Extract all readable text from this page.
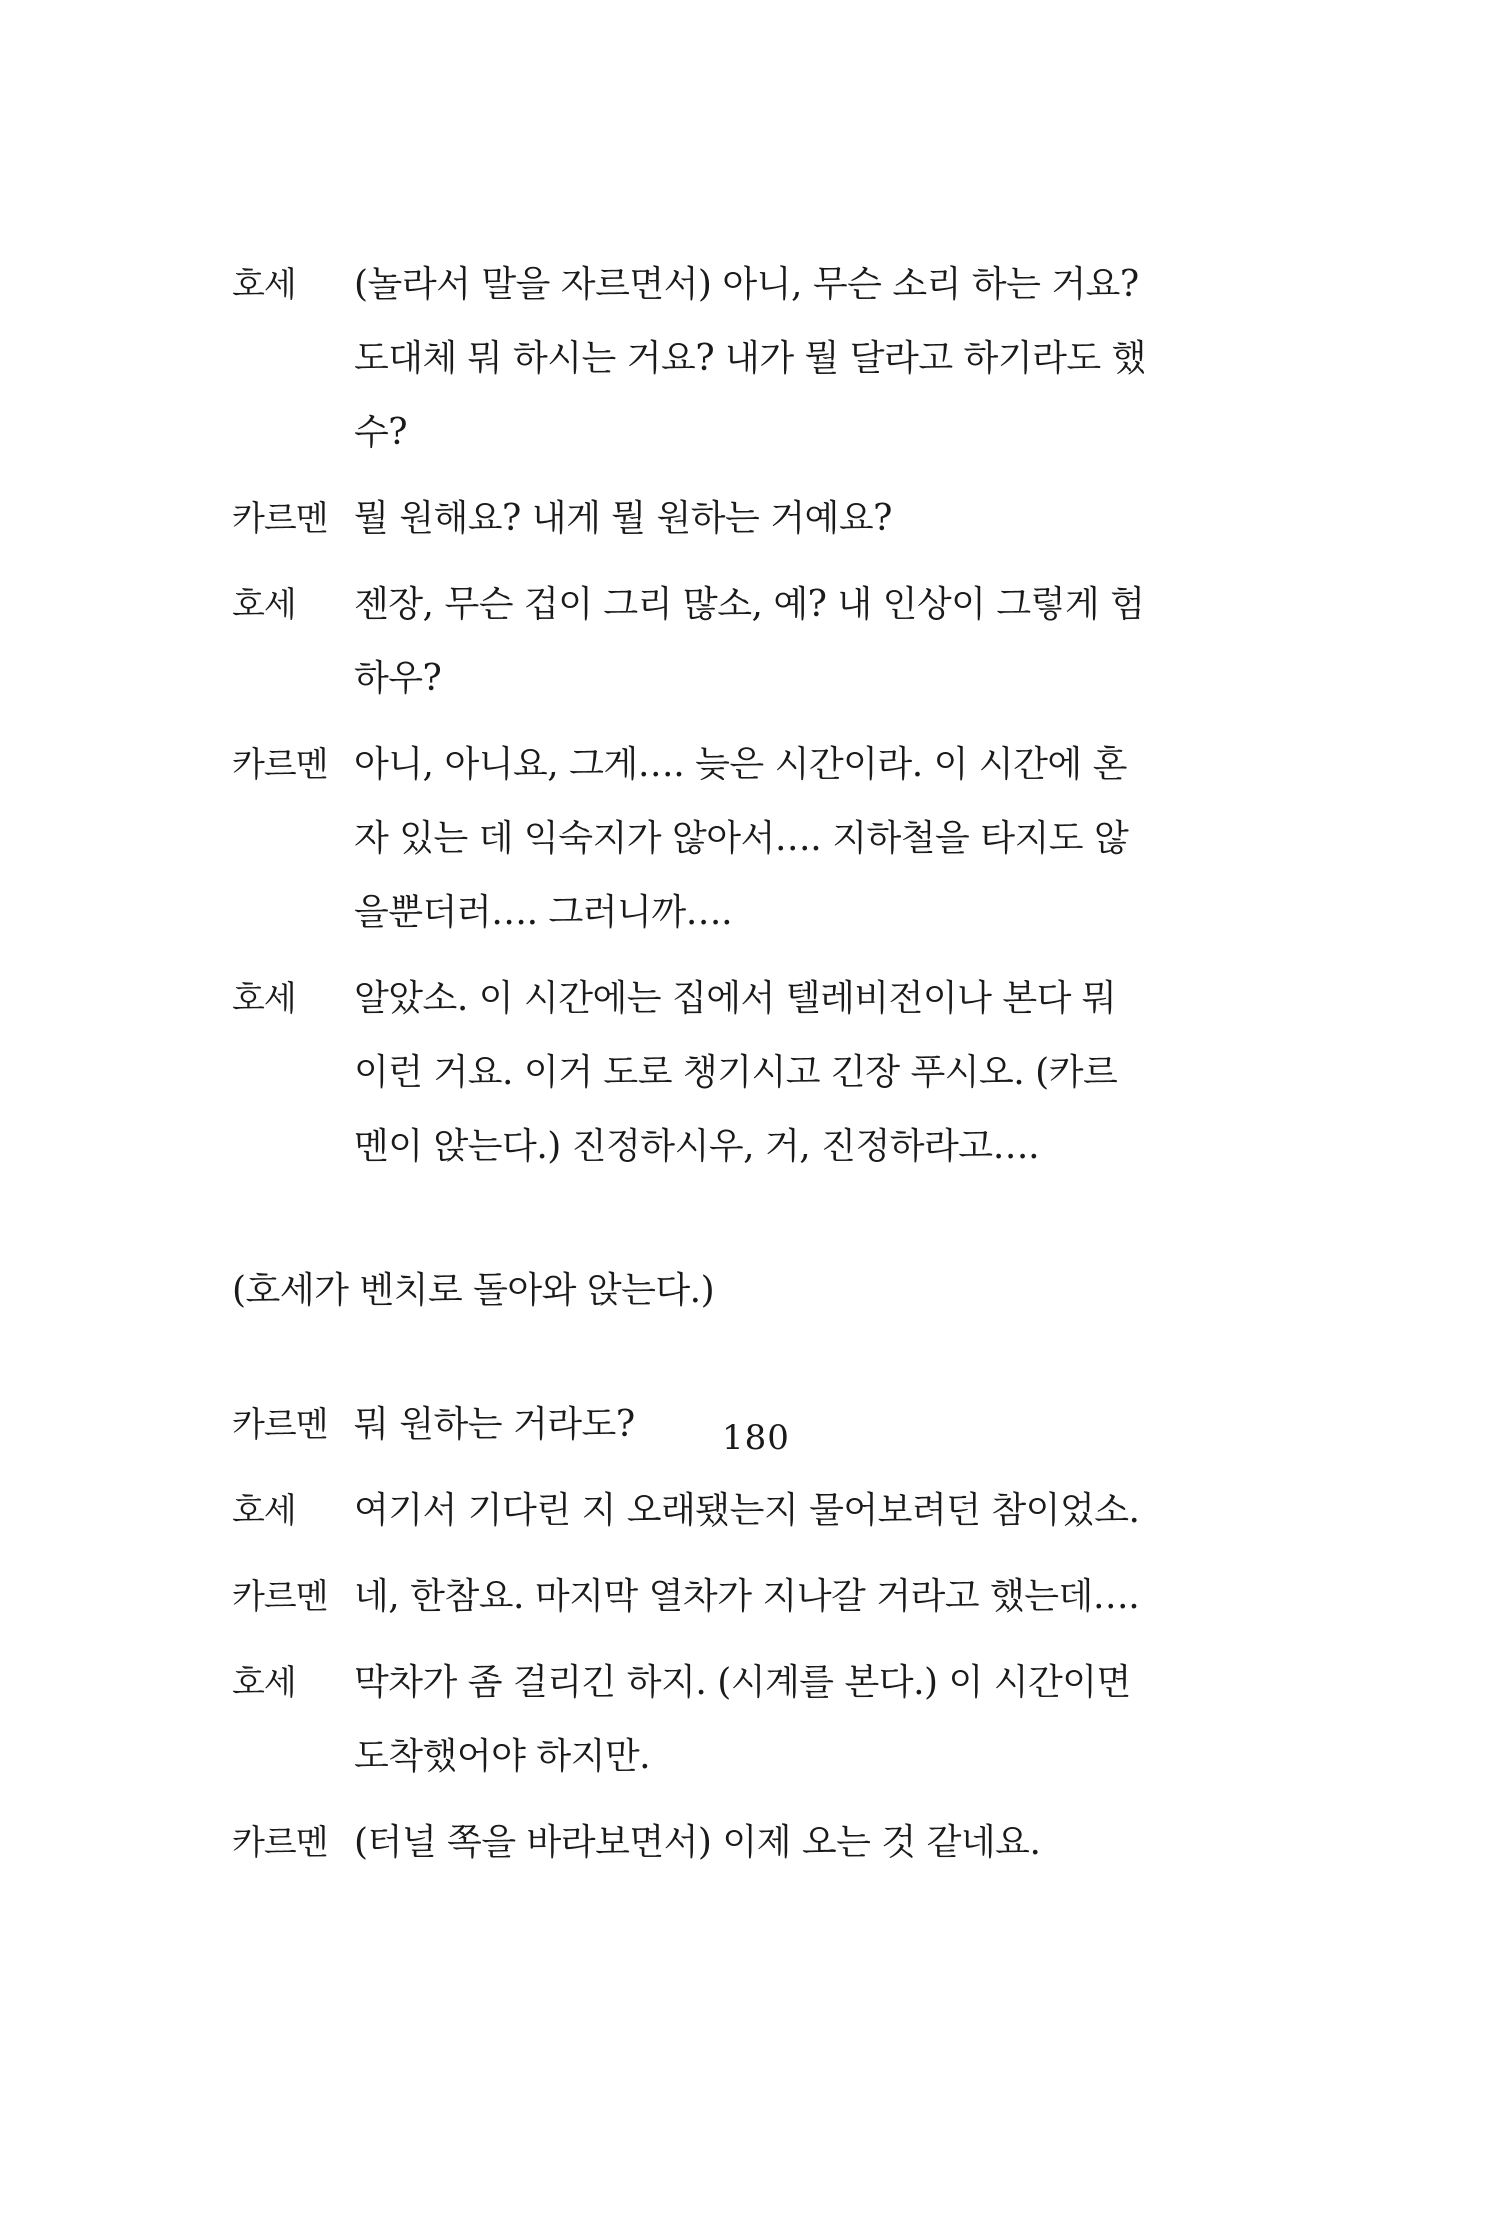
호세	(놀라서 말을 자르면서) 아니, 무슨 소리 하는 거요?
도대체 뭐 하시는 거요? 내가 뭘 달라고 하기라도 했
수?
카르멘 뭘 원해요? 내게 뭘 원하는 거예요?
호세	젠장, 무슨 겁이 그리 많소, 예? 내 인상이 그렇게 험
하우?
카르멘 아니, 아니요, 그게…. 늦은 시간이라. 이 시간에 혼
자 있는 데 익숙지가 않아서…. 지하철을 타지도 않
을뿐더러…. 그러니까….
호세	알았소. 이 시간에는 집에서 텔레비전이나 본다 뭐
이런 거요. 이거 도로 챙기시고 긴장 푸시오. (카르
멘이 앉는다.) 진정하시우, 거, 진정하라고….
(호세가 벤치로 돌아와 앉는다.)
카르멘 뭐 원하는 거라도?
호세	여기서 기다린 지 오래됐는지 물어보려던 참이었소.
카르멘 네, 한참요. 마지막 열차가 지나갈 거라고 했는데….
호세	막차가 좀 걸리긴 하지. (시계를 본다.) 이 시간이면
도착했어야 하지만.
카르멘 (터널 쪽을 바라보면서) 이제 오는 것 같네요.
180
